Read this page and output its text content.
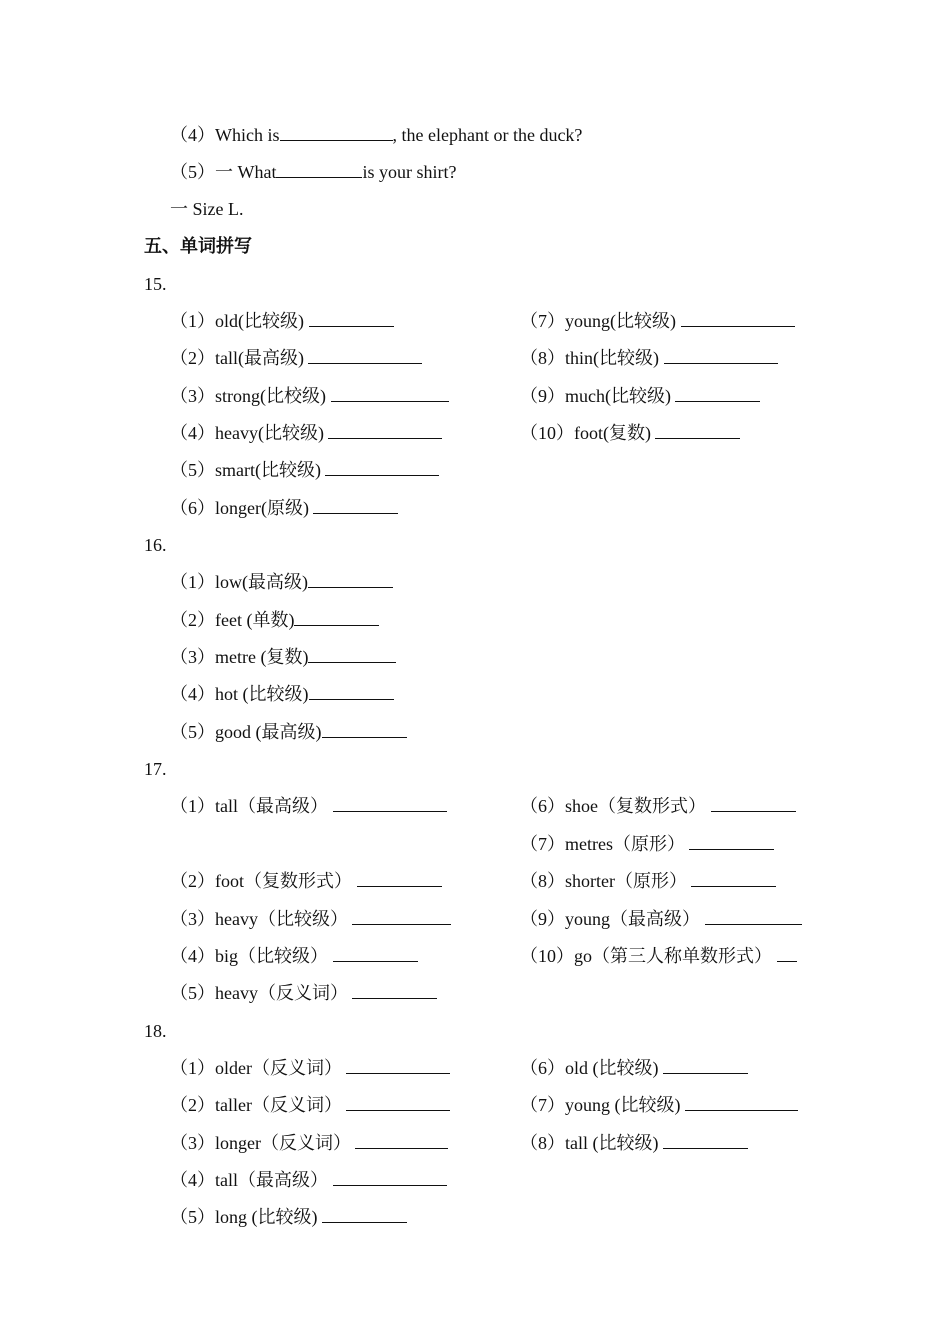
（4）Which is	, the elephant or the duck?
（5）一 What	is your shirt?
一 Size L.
五、单词拼写
15.
（1）old(比较级)
（2）tall(最高级)
（3）strong(比校级)
（4）heavy(比较级)
（5）smart(比较级)
（6）longer(原级)
（7）young(比较级)
（8）thin(比较级)
（9）much(比较级)
（10）foot(复数)
16.
（1）low(最高级)
（2）feet (单数)
（3）metre (复数)
（4）hot (比较级)
（5）good (最高级)
17.
（1）tall（最高级）
（2）foot（复数形式）
（3）heavy（比较级）
（4）big（比较级）
（5）heavy（反义词）
（6）shoe（复数形式）
（7）metres（原形）
（8）shorter（原形）
（9）young（最高级）
（10）go（第三人称单数形式）
18.
（1）older（反义词）
（2）taller（反义词）
（3）longer（反义词）
（4）tall（最高级）
（5）long (比较级)
（6）old (比较级)
（7）young (比较级)
（8）tall (比较级)
